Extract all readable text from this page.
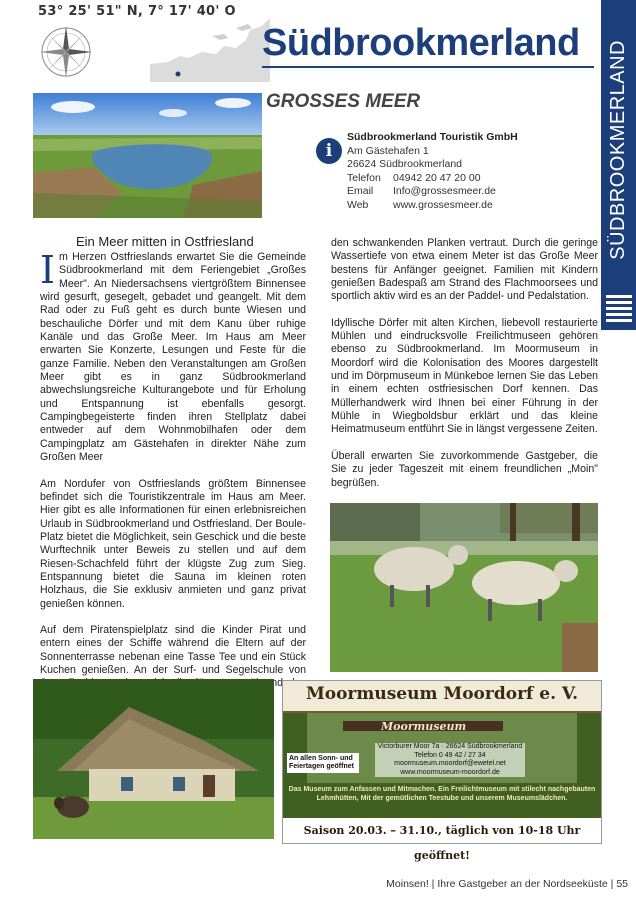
53° 25' 51" N, 7° 17' 40' O
Südbrookmerland
GROSSES MEER	SÜDBROOKMERLAND
i
Südbrookmerland Touristik GmbH
Am Gästehafen 1
26624 Südbrookmerland
Telefon 04942 20 47 20 00
Email Info@grossesmeer.de
Web www.grossesmeer.de
Ein Meer mitten in Ostfriesland

Im Herzen Ostfrieslands erwartet Sie die Gemeinde Südbrookmerland mit dem Feriengebiet „Großes Meer". An Niedersachsens viertgrößtem Binnensee wird gesurft, gesegelt, gebadet und geangelt. Mit dem Rad oder zu Fuß geht es durch bunte Wiesen und beschauliche Dörfer und mit dem Kanu über ruhige Kanäle und das Große Meer. Im Haus am Meer erwarten Sie Konzerte, Lesungen und Feste für die ganze Familie. Neben den Veranstaltungen am Großen Meer gibt es in ganz Südbrookmerland abwechslungsreiche Kulturangebote und für Erholung und Entspannung ist ebenfalls gesorgt. Campingbegeisterte finden ihren Stellplatz dabei entweder auf dem Wohnmobilhafen oder dem Campingplatz am Gästehafen in direkter Nähe zum Großen Meer

Am Nordufer von Ostfrieslands größtem Binnensee befindet sich die Touristikzentrale im Haus am Meer. Hier gibt es alle Informationen für einen erlebnisreichen Urlaub in Südbrookmerland und Ostfriesland. Der Boule-Platz bietet die Möglichkeit, sein Geschick und die beste Wurftechnik unter Beweis zu stellen und auf dem Riesen-Schachfeld führt der klügste Zug zum Sieg. Entspannung bietet die Sauna im kleinen roten Holzhaus, die Sie exklusiv anmieten und ganz privat genießen können.

Auf dem Piratenspielplatz sind die Kinder Pirat und entern eines der Schiffe während die Eltern auf der Sonnenterrasse nebenan eine Tasse Tee und ein Stück Kuchen genießen. An der Surf- und Segelschule von

den schwankenden Planken vertraut. Durch die geringe Wassertiefe von etwa einem Meter ist das Große Meer bestens für Anfänger geeignet. Familien mit Kindern genießen Badespaß am Strand des Flachmoorsees und sportlich aktiv wird es an der Paddel- und Pedalstation.

Idyllische Dörfer mit alten Kirchen, liebevoll restaurierte Mühlen und eindrucksvolle Freilichtmuseen gehören ebenso zu Südbrookmerland. Im Moormuseum in Moordorf wird die Kolonisation des Moores dargestellt und im Dörpmuseum in Münkeboe lernen Sie das Leben in einem echten ostfriesischen Dorf kennen. Das Müllerhandwerk wird Ihnen bei einer Führung in der Mühle in Wiegboldsbur erklärt und das kleine Heimatmuseum entführt Sie in längst vergessene Zeiten.

Überall erwarten Sie zuvorkommende Gastgeber, die Sie zu jeder Tageszeit mit einem freundlichen „Moin" begrüßen.

Moormuseum Moordorf e. V.
Moormuseum
Victorburer Moor 7a · 26624 Südbrookmerland
Telefon 0 49 42 / 27 34
moormuseum.moordorf@ewetel.net
www.moormuseum-moordorf.de
An allen Sonn- und Feiertagen geöffnet
Das Museum zum Anfassen und Mitmachen. Ein Freilichtmuseum mit stilecht nachgebauten Lehmhütten, Mit der gemütlichen Teestube und unserem Museumslädchen.
Saison 20.03. – 31.10., täglich von 10-18 Uhr geöffnet!
Moinsen! | Ihre Gastgeber an der Nordseeküste | 55
